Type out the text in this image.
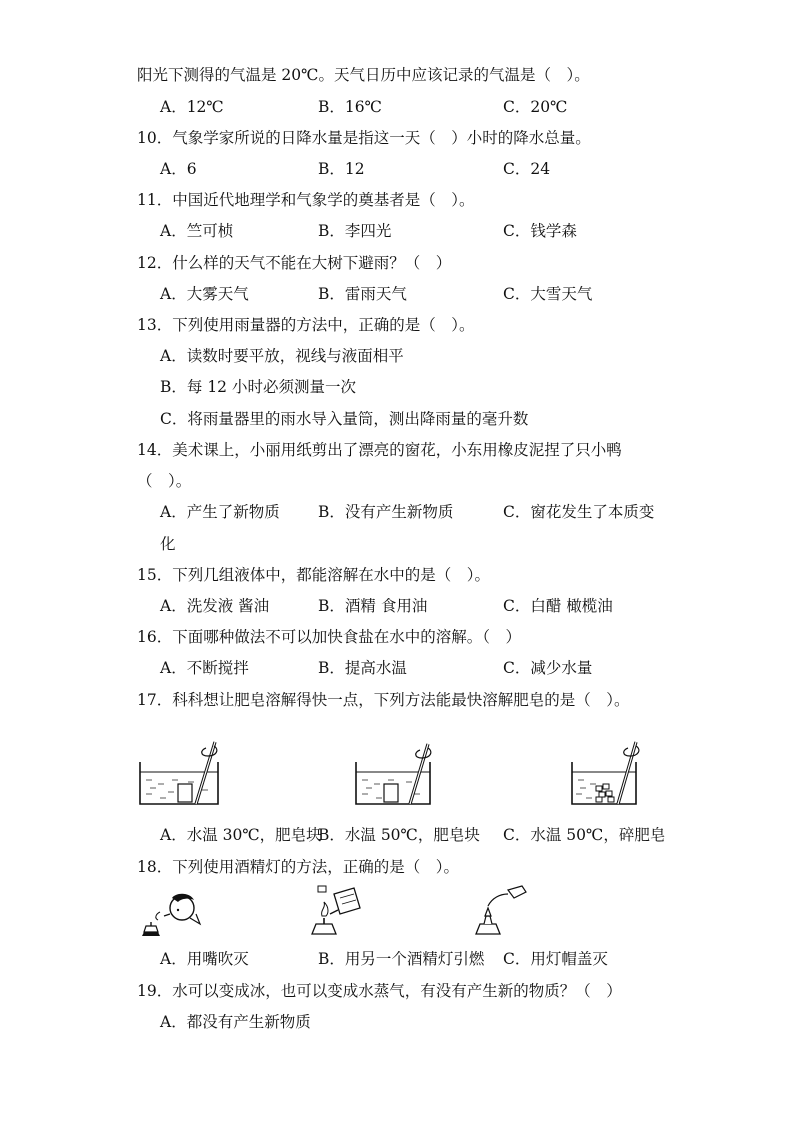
阳光下测得的气温是 20℃。天气日历中应该记录的气温是（　）。
A．12℃	B．16℃	C．20℃
10．气象学家所说的日降水量是指这一天（　）小时的降水总量。
A．6	B．12	C．24
11．中国近代地理学和气象学的奠基者是（　）。
A．竺可桢	B．李四光	C．钱学森
12．什么样的天气不能在大树下避雨？（　）
A．大雾天气	B．雷雨天气	C．大雪天气
13．下列使用雨量器的方法中，正确的是（　）。
A．读数时要平放，视线与液面相平
B．每 12 小时必须测量一次
C．将雨量器里的雨水导入量筒，测出降雨量的毫升数
14．美术课上，小丽用纸剪出了漂亮的窗花，小东用橡皮泥捏了只小鸭
（　）。
A．产生了新物质 B．没有产生新物质	C．窗花发生了本质变
化
15．下列几组液体中，都能溶解在水中的是（　）。
A．洗发液 酱油	B．酒精 食用油	C．白醋 橄榄油
16．下面哪种做法不可以加快食盐在水中的溶解。（　）
A．不断搅拌	B．提高水温	C．减少水量
17．科科想让肥皂溶解得快一点，下列方法能最快溶解肥皂的是（　）。
A．水温 30℃，肥皂块
B．水温 50℃，肥皂块 C．水温 50℃，碎肥皂
18．下列使用酒精灯的方法，正确的是（　）。
A．用嘴吹灭	B．用另一个酒精灯引燃 C．用灯帽盖灭
19．水可以变成冰，也可以变成水蒸气，有没有产生新的物质？（　）
A．都没有产生新物质
